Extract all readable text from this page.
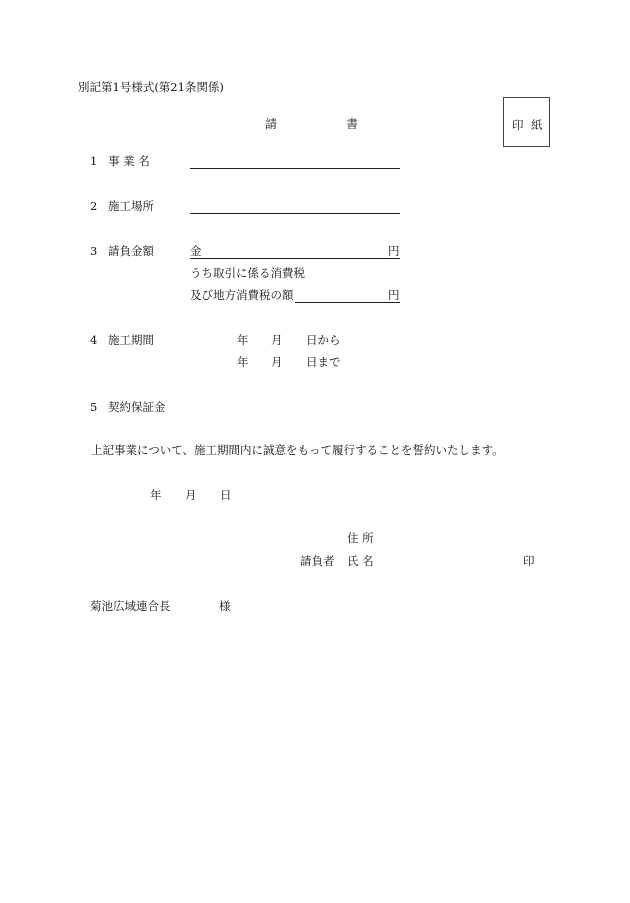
別記第1号様式(第21条関係)
請	書	印 紙
1 事 業 名
2 施工場所
3 請負金額	金	円
うち取引に係る消費税
及び地方消費税の額	円
4 施工期間	年 月 日から
年 月 日まで
5 契約保証金
上記事業について、施工期間内に誠意をもって履行することを誓約いたします。
年 月 日
住 所
請負者 氏 名	印
菊池広域連合長	様
